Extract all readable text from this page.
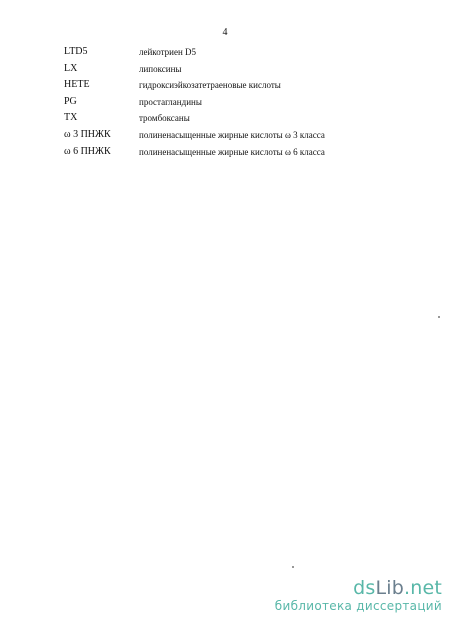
4
LTD5	лейкотриен D5
LX	липоксины
HETE	гидроксиэйкозатетраеновые кислоты
PG	простагландины
TX	тромбоксаны
ω 3 ПНЖК	полиненасыщенные жирные кислоты ω 3 класса
ω 6 ПНЖК	полиненасыщенные жирные кислоты ω 6 класса
dsLib.net
библиотека диссертаций
